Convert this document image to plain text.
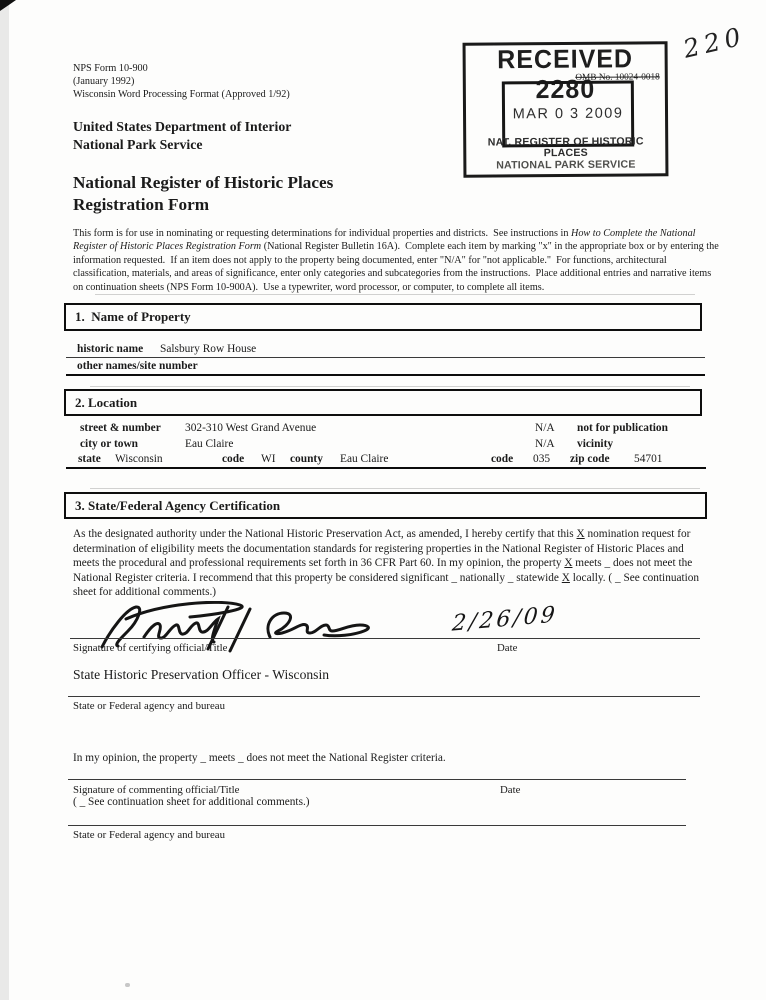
NPS Form 10-900
(January 1992)
Wisconsin Word Processing Format (Approved 1/92)
RECEIVED 2280
OMB No. 10024-0018
MAR 0 3 2009
NAT. REGISTER OF HISTORIC PLACES
NATIONAL PARK SERVICE
220
United States Department of Interior
National Park Service
National Register of Historic Places
Registration Form
This form is for use in nominating or requesting determinations for individual properties and districts.  See instructions in How to Complete the National Register of Historic Places Registration Form (National Register Bulletin 16A).  Complete each item by marking "x" in the appropriate box or by entering the information requested.  If an item does not apply to the property being documented, enter "N/A" for "not applicable."  For functions, architectural classification, materials, and areas of significance, enter only categories and subcategories from the instructions.  Place additional entries and narrative items on continuation sheets (NPS Form 10-900A).  Use a typewriter, word processor, or computer, to complete all items.
1.  Name of Property
historic name Salsbury Row House
other names/site number
2. Location
street & number 302-310 West Grand Avenue	N/A not for publication
city or town	Eau Claire	N/A vicinity
state Wisconsin	code WI county Eau Claire	code 035 zip code 54701
3. State/Federal Agency Certification
As the designated authority under the National Historic Preservation Act, as amended, I hereby certify that this X nomination request for determination of eligibility meets the documentation standards for registering properties in the National Register of Historic Places and meets the procedural and professional requirements set forth in 36 CFR Part 60. In my opinion, the property X meets _ does not meet the National Register criteria. I recommend that this property be considered significant _ nationally _ statewide X locally. ( _ See continuation sheet for additional comments.)
2/26/09
Signature of certifying official/Title	Date
State Historic Preservation Officer - Wisconsin
State or Federal agency and bureau

In my opinion, the property _ meets _ does not meet the National Register criteria.

( _ See continuation sheet for additional comments.)

Signature of commenting official/Title	Date
State or Federal agency and bureau
